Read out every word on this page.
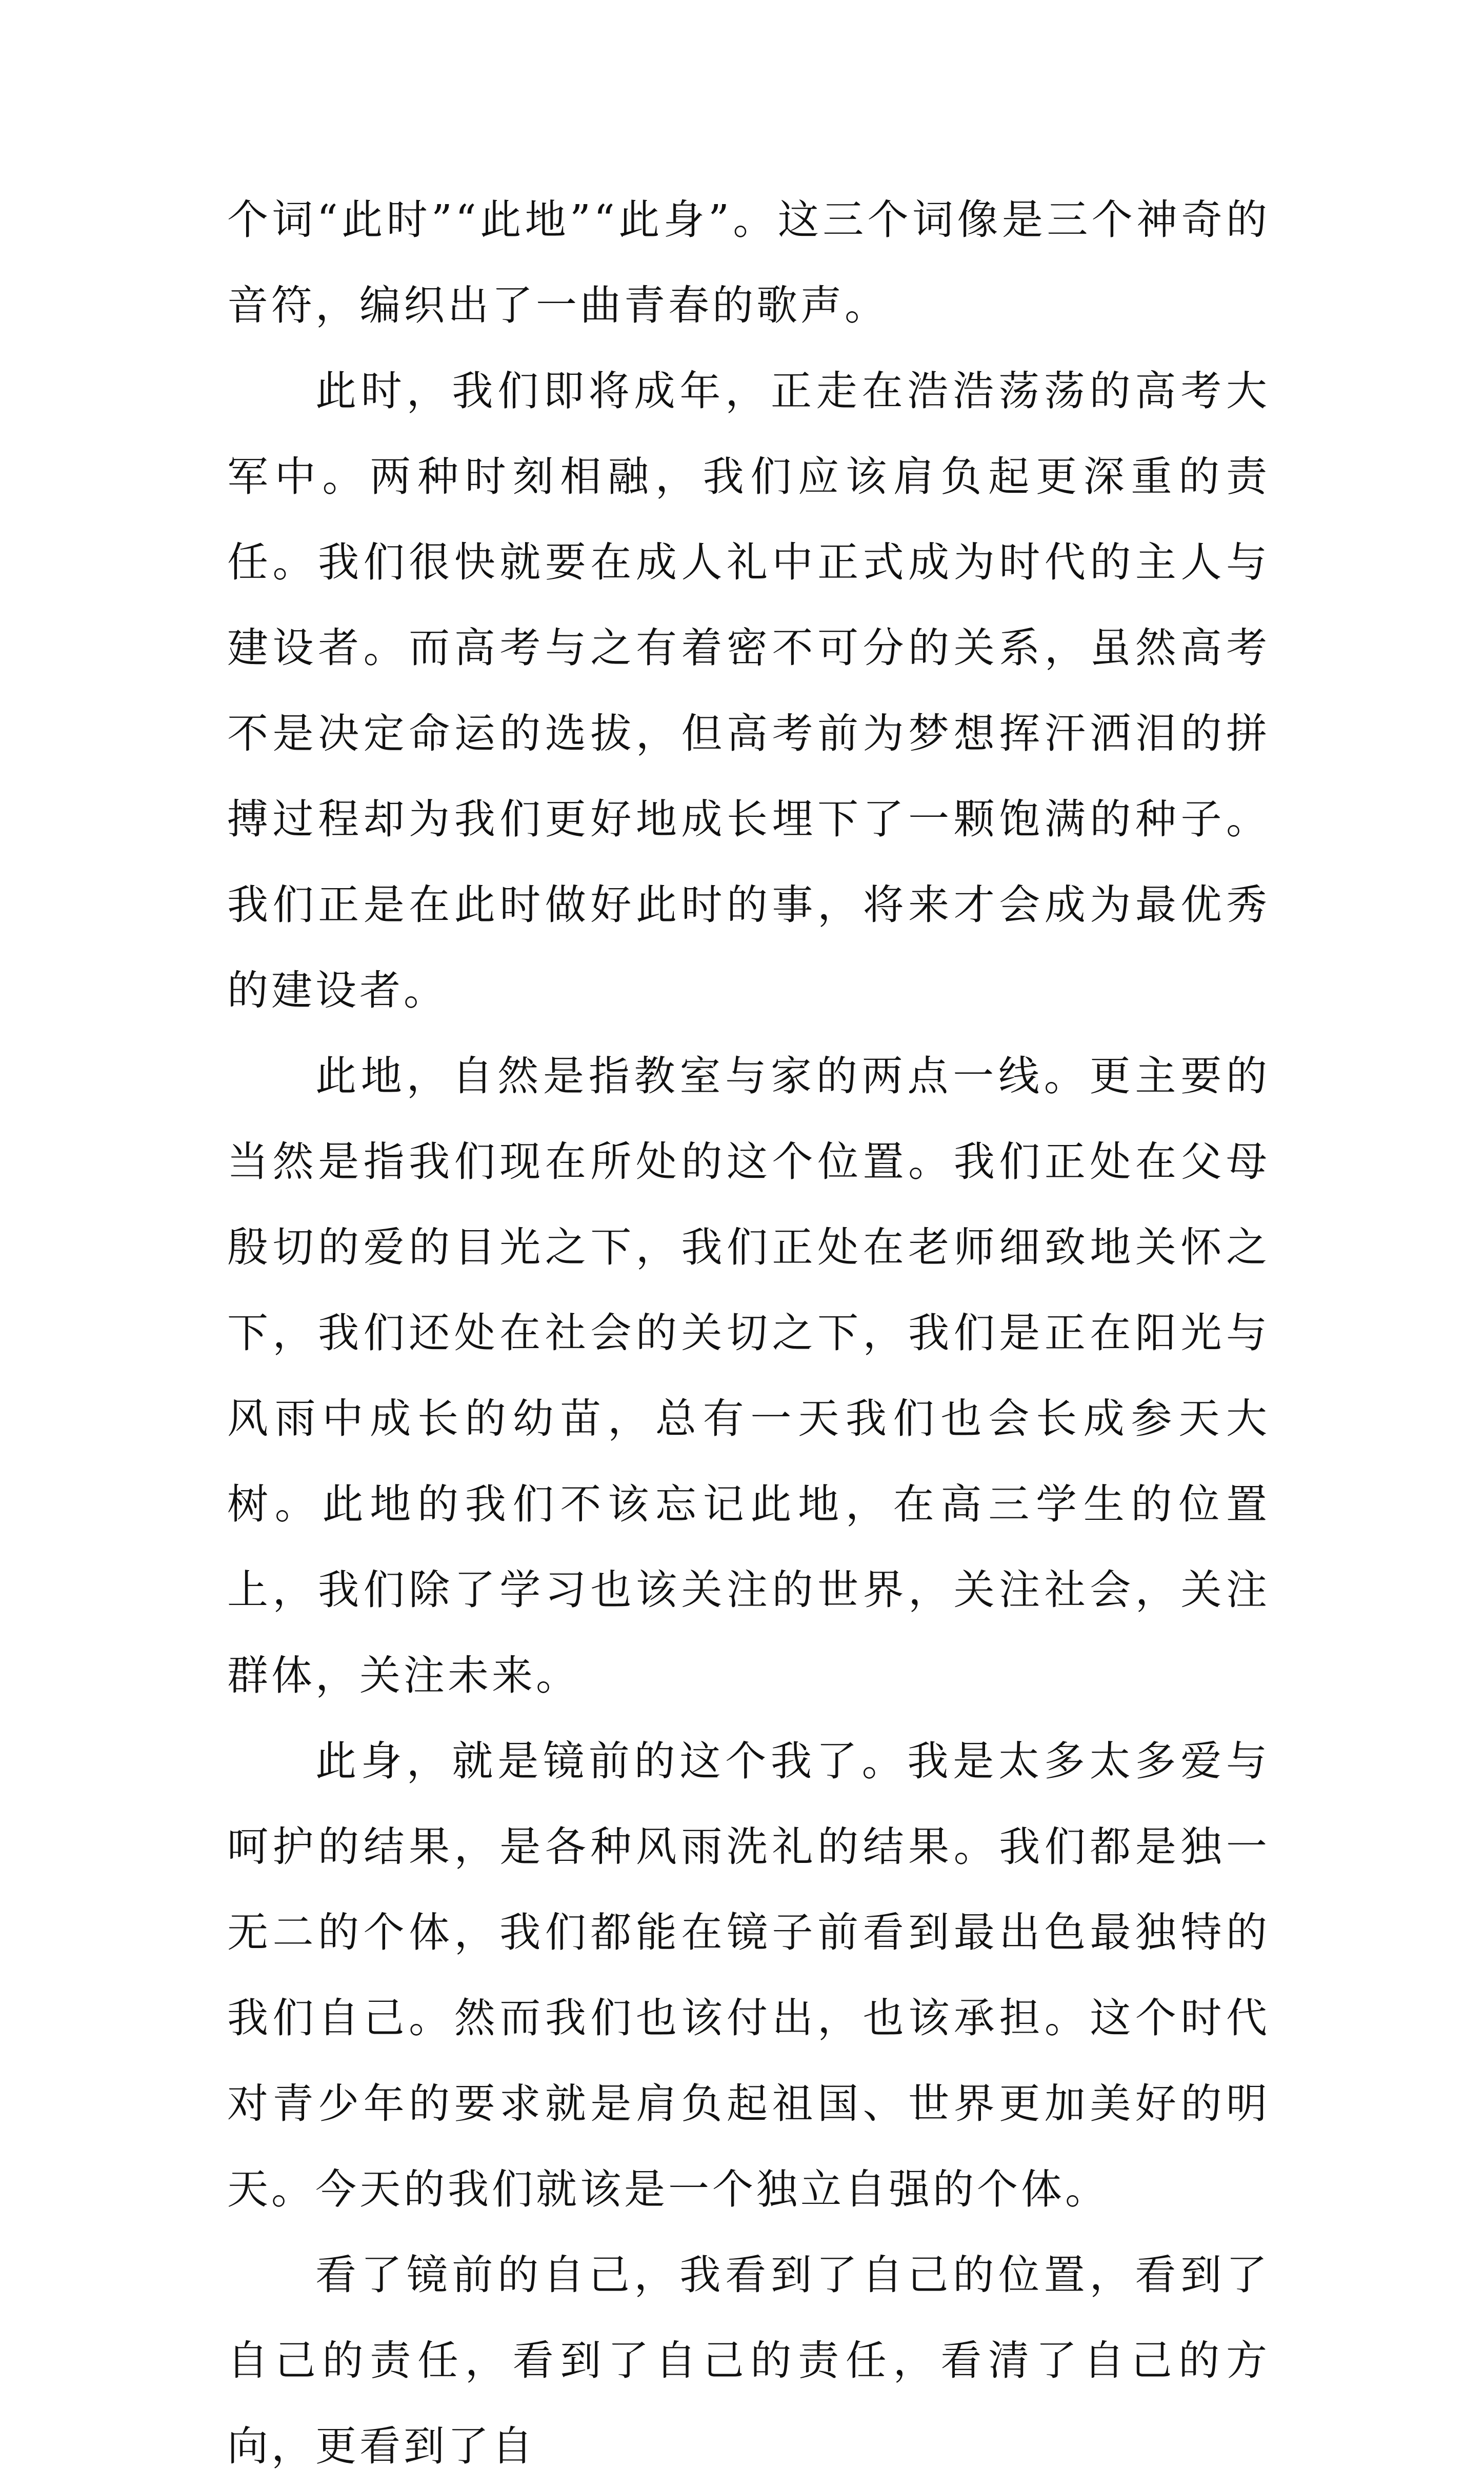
个词“此时”“此地”“此身”。这三个词像是三个神奇的音符，编织出了一曲青春的歌声。

此时，我们即将成年，正走在浩浩荡荡的高考大军中。两种时刻相融，我们应该肩负起更深重的责任。我们很快就要在成人礼中正式成为时代的主人与建设者。而高考与之有着密不可分的关系，虽然高考不是决定命运的选拔，但高考前为梦想挥汗洒泪的拼搏过程却为我们更好地成长埋下了一颗饱满的种子。我们正是在此时做好此时的事，将来才会成为最优秀的建设者。

此地，自然是指教室与家的两点一线。更主要的当然是指我们现在所处的这个位置。我们正处在父母殷切的爱的目光之下，我们正处在老师细致地关怀之下，我们还处在社会的关切之下，我们是正在阳光与风雨中成长的幼苗，总有一天我们也会长成参天大树。此地的我们不该忘记此地，在高三学生的位置上，我们除了学习也该关注的世界，关注社会，关注群体，关注未来。

此身，就是镜前的这个我了。我是太多太多爱与呵护的结果，是各种风雨洗礼的结果。我们都是独一无二的个体，我们都能在镜子前看到最出色最独特的我们自己。然而我们也该付出，也该承担。这个时代对青少年的要求就是肩负起祖国、世界更加美好的明天。今天的我们就该是一个独立自强的个体。

看了镜前的自己，我看到了自己的位置，看到了自己的责任，看到了自己的责任，看清了自己的方向，更看到了自
